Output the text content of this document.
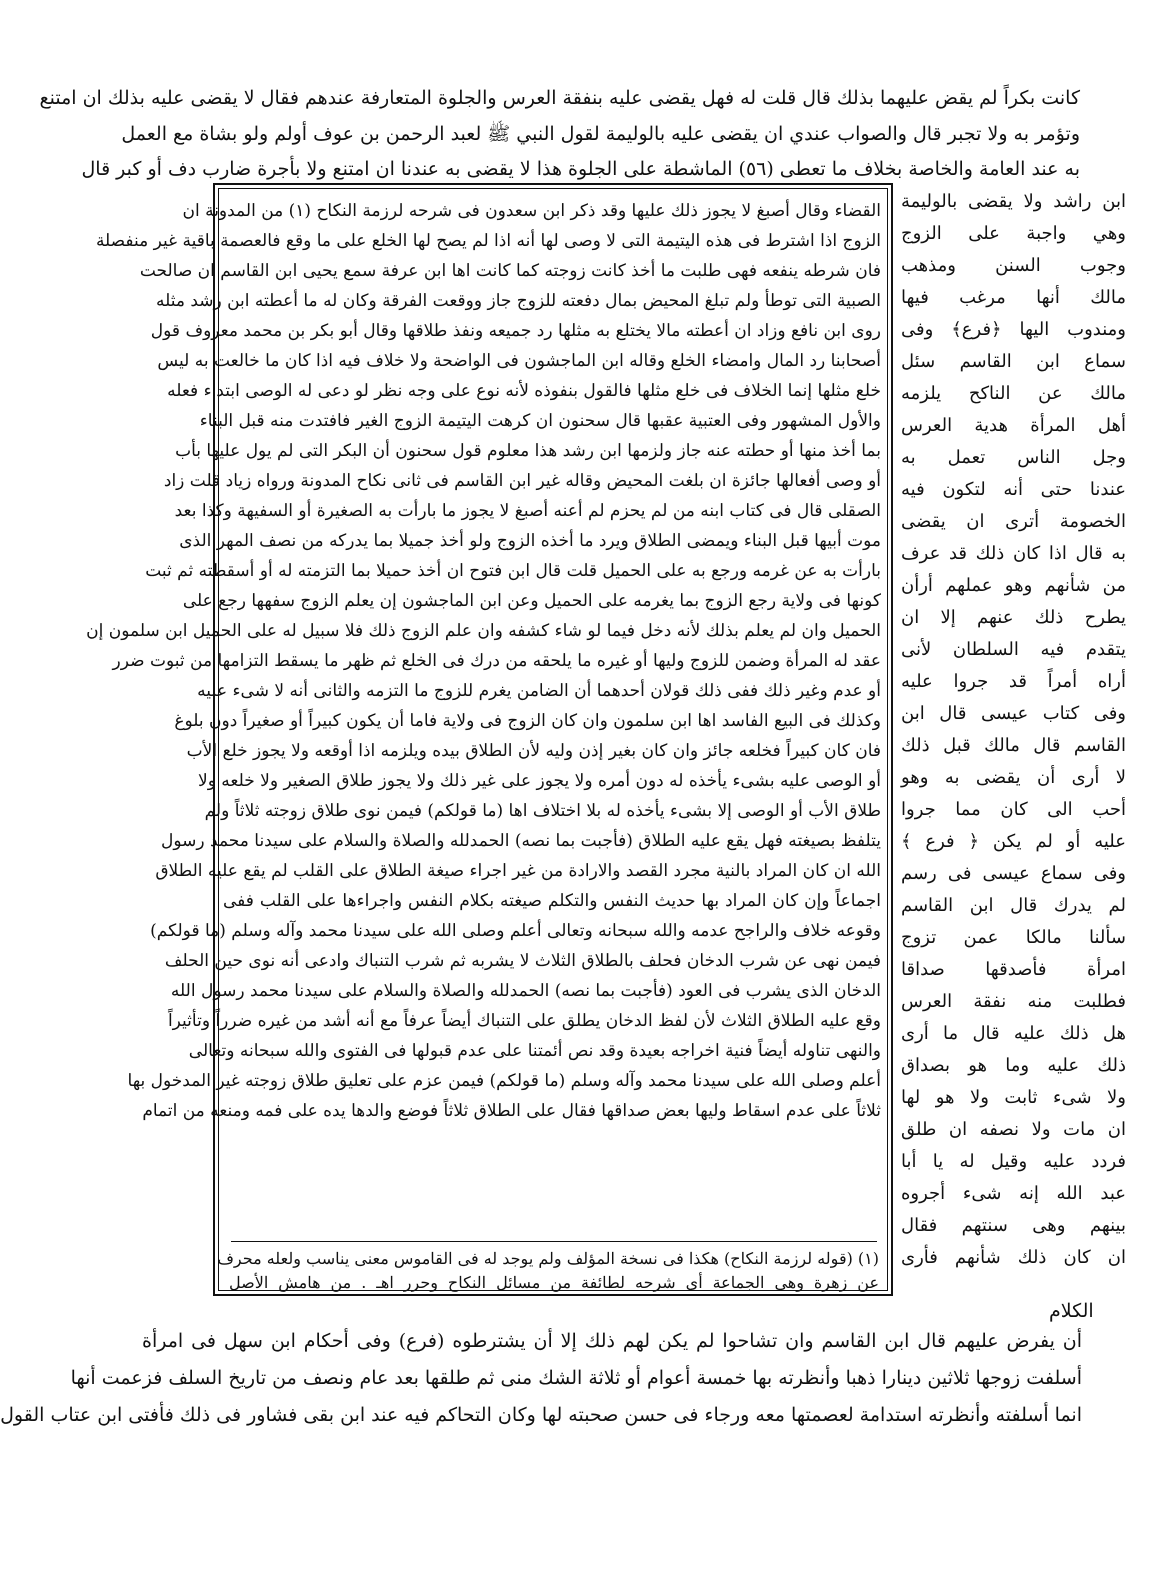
كانت بكراً لم يقض عليهما بذلك قال قلت له فهل يقضى عليه بنفقة العرس والجلوة المتعارفة عندهم فقال لا يقضى عليه بذلك ان امتنع
وتؤمر به ولا تجبر قال والصواب عندي ان يقضى عليه بالوليمة لقول النبي ﷺ لعبد الرحمن بن عوف أولم ولو بشاة مع العمل
به عند العامة والخاصة بخلاف ما تعطى (٥٦) الماشطة على الجلوة هذا لا يقضى به عندنا ان امتنع ولا بأجرة ضارب دف أو كبر قال
القضاء وقال أصبغ لا يجوز ذلك عليها وقد ذكر ابن سعدون فى شرحه لرزمة النكاح (١) من المدونة ان
الزوج اذا اشترط فى هذه اليتيمة التى لا وصى لها أنه اذا لم يصح لها الخلع على ما وقع فالعصمة باقية غير منفصلة
فان شرطه ينفعه فهى طلبت ما أخذ كانت زوجته كما كانت اها ابن عرفة سمع يحيى ابن القاسم ان صالحت
الصبية التى توطأ ولم تبلغ المحيض بمال دفعته للزوج جاز ووقعت الفرقة وكان له ما أعطته ابن رشد مثله
روى ابن نافع وزاد ان أعطته مالا يختلع به مثلها رد جميعه ونفذ طلاقها وقال أبو بكر بن محمد معروف قول
أصحابنا رد المال وامضاء الخلع وقاله ابن الماجشون فى الواضحة ولا خلاف فيه اذا كان ما خالعت به ليس
خلع مثلها إنما الخلاف فى خلع مثلها فالقول بنفوذه لأنه نوع على وجه نظر لو دعى له الوصى ابتداء فعله
والأول المشهور وفى العتبية عقبها قال سحنون ان كرهت اليتيمة الزوج الغير فافتدت منه قبل البناء
بما أخذ منها أو حطته عنه جاز ولزمها ابن رشد هذا معلوم قول سحنون أن البكر التى لم يول عليها بأب
أو وصى أفعالها جائزة ان بلغت المحيض وقاله غير ابن القاسم فى ثانى نكاح المدونة ورواه زياد قلت زاد
الصقلى قال فى كتاب ابنه من لم يحزم لم أعنه أصبغ لا يجوز ما بارأت به الصغيرة أو السفيهة وكذا بعد
موت أبيها قبل البناء ويمضى الطلاق ويرد ما أخذه الزوج ولو أخذ جميلا بما يدركه من نصف المهر الذى
بارأت به عن غرمه ورجع به على الحميل قلت قال ابن فتوح ان أخذ حميلا بما التزمته له أو أسقطته ثم ثبت
كونها فى ولاية رجع الزوج بما يغرمه على الحميل وعن ابن الماجشون إن يعلم الزوج سفهها رجع على
الحميل وان لم يعلم بذلك لأنه دخل فيما لو شاء كشفه وان علم الزوج ذلك فلا سبيل له على الحميل ابن سلمون إن
عقد له المرأة وضمن للزوج وليها أو غيره ما يلحقه من درك فى الخلع ثم ظهر ما يسقط التزامها من ثبوت ضرر
أو عدم وغير ذلك ففى ذلك قولان أحدهما أن الضامن يغرم للزوج ما التزمه والثانى أنه لا شىء عليه
وكذلك فى البيع الفاسد اها ابن سلمون وان كان الزوج فى ولاية فاما أن يكون كبيراً أو صغيراً دون بلوغ
فان كان كبيراً فخلعه جائز وان كان بغير إذن وليه لأن الطلاق بيده ويلزمه اذا أوقعه ولا يجوز خلع الأب
أو الوصى عليه بشىء يأخذه له دون أمره ولا يجوز على غير ذلك ولا يجوز طلاق الصغير ولا خلعه ولا
طلاق الأب أو الوصى إلا بشىء يأخذه له بلا اختلاف اها (ما قولكم) فيمن نوى طلاق زوجته ثلاثاً ولم
يتلفظ بصيغته فهل يقع عليه الطلاق (فأجبت بما نصه) الحمدلله والصلاة والسلام على سيدنا محمد رسول
الله ان كان المراد بالنية مجرد القصد والارادة من غير اجراء صيغة الطلاق على القلب لم يقع عليه الطلاق
اجماعاً وإن كان المراد بها حديث النفس والتكلم صيغته بكلام النفس واجراءها على القلب ففى
وقوعه خلاف والراجح عدمه والله سبحانه وتعالى أعلم وصلى الله على سيدنا محمد وآله وسلم (ما قولكم)
فيمن نهى عن شرب الدخان فحلف بالطلاق الثلاث لا يشربه ثم شرب التنباك وادعى أنه نوى حين الحلف
الدخان الذى يشرب فى العود (فأجبت بما نصه) الحمدلله والصلاة والسلام على سيدنا محمد رسول الله
وقع عليه الطلاق الثلاث لأن لفظ الدخان يطلق على التنباك أيضاً عرفاً مع أنه أشد من غيره ضرراً وتأثيراً
والنهى تناوله أيضاً فنية اخراجه بعيدة وقد نص أئمتنا على عدم قبولها فى الفتوى والله سبحانه وتعالى
أعلم وصلى الله على سيدنا محمد وآله وسلم (ما قولكم) فيمن عزم على تعليق طلاق زوجته غير المدخول بها
ثلاثاً على عدم اسقاط وليها بعض صداقها فقال على الطلاق ثلاثاً فوضع والدها يده على فمه ومنعه من اتمام
(١) (قوله لرزمة النكاح) هكذا فى نسخة المؤلف ولم يوجد له فى القاموس معنى يناسب ولعله محرف
عن زهرة وهى الجماعة أى شرحه لطائفة من مسائل النكاح وحرر اهـ . من هامش الأصل
ابن راشد ولا يقضى بالوليمة
وهي واجبة على الزوج
وجوب السنن ومذهب
مالك أنها مرغب فيها
ومندوب اليها ﴿فرع﴾ وفى
سماع ابن القاسم سئل
مالك عن الناكح يلزمه
أهل المرأة هدية العرس
وجل الناس تعمل به
عندنا حتى أنه لتكون فيه
الخصومة أترى ان يقضى
به قال اذا كان ذلك قد عرف
من شأنهم وهو عملهم أرأن
يطرح ذلك عنهم إلا ان
يتقدم فيه السلطان لأنى
أراه أمراً قد جروا عليه
وفى كتاب عيسى قال ابن
القاسم قال مالك قبل ذلك
لا أرى أن يقضى به وهو
أحب الى كان مما جروا
عليه أو لم يكن ﴿ فرع ﴾
وفى سماع عيسى فى رسم
لم يدرك قال ابن القاسم
سألنا مالكا عمن تزوج
امرأة فأصدقها صداقا
فطلبت منه نفقة العرس
هل ذلك عليه قال ما أرى
ذلك عليه وما هو بصداق
ولا شىء ثابت ولا هو لها
ان مات ولا نصفه ان طلق
فردد عليه وقيل له يا أبا
عبد الله إنه شىء أجروه
بينهم وهى سنتهم فقال
ان كان ذلك شأنهم فأرى
أن يفرض عليهم قال ابن القاسم وان تشاحوا لم يكن لهم ذلك إلا أن يشترطوه (فرع) وفى أحكام ابن سهل فى امرأة
أسلفت زوجها ثلاثين دينارا ذهبا وأنظرته بها خمسة أعوام أو ثلاثة الشك منى ثم طلقها بعد عام ونصف من تاريخ السلف فزعمت أنها
انما أسلفته وأنظرته استدامة لعصمتها معه ورجاء فى حسن صحبته لها وكان التحاكم فيه عند ابن بقى فشاور فى ذلك فأفتى ابن عتاب القول
الكلام
